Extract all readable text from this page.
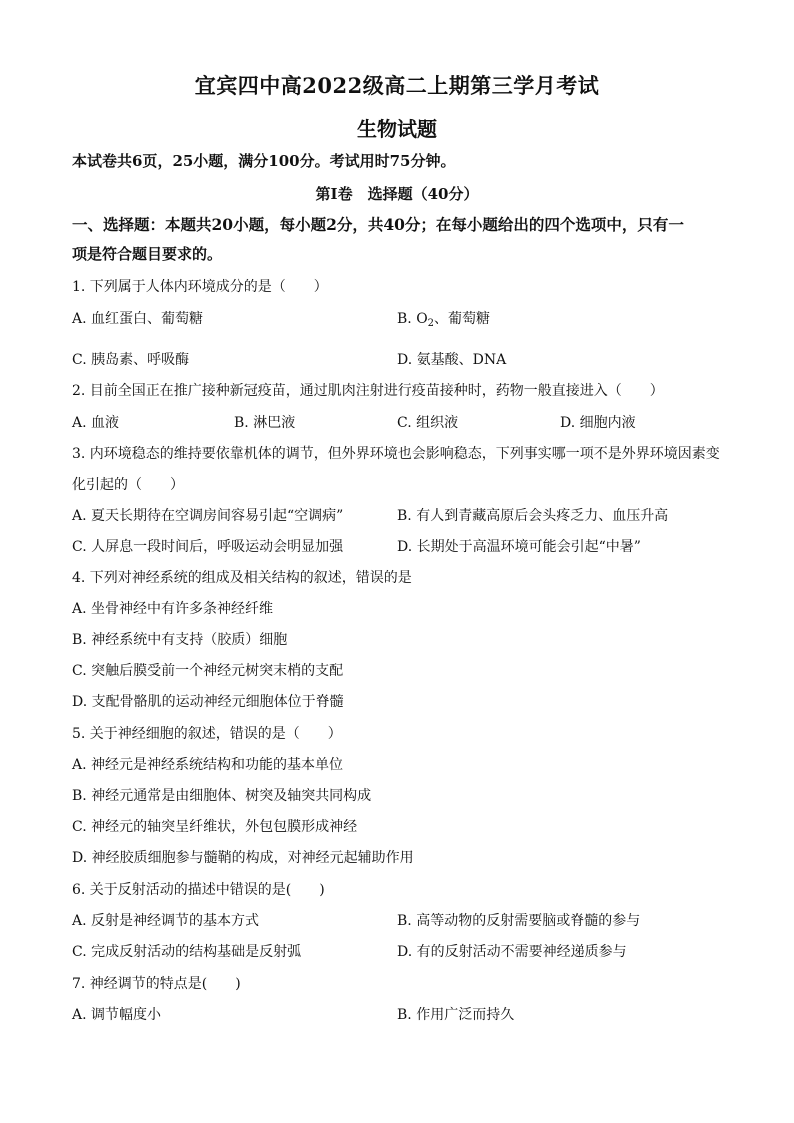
宜宾四中高2022级高二上期第三学月考试
生物试题
本试卷共6页，25小题，满分100分。考试用时75分钟。
第I卷　选择题（40分）
一、选择题：本题共20小题，每小题2分，共40分；在每小题给出的四个选项中，只有一
项是符合题目要求的。
1. 下列属于人体内环境成分的是（　　）
A. 血红蛋白、葡萄糖	B. $O_2$、葡萄糖
C. 胰岛素、呼吸酶	D. 氨基酸、DNA
2. 目前全国正在推广接种新冠疫苗，通过肌肉注射进行疫苗接种时，药物一般直接进入（　　）
A. 血液	B. 淋巴液	C. 组织液	D. 细胞内液
3. 内环境稳态的维持要依靠机体的调节，但外界环境也会影响稳态，下列事实哪一项不是外界环境因素变
化引起的（　　）
A. 夏天长期待在空调房间容易引起“空调病”	B. 有人到青藏高原后会头疼乏力、血压升高
C. 人屏息一段时间后，呼吸运动会明显加强	D. 长期处于高温环境可能会引起“中暑”
4. 下列对神经系统的组成及相关结构的叙述，错误的是
A. 坐骨神经中有许多条神经纤维
B. 神经系统中有支持（胶质）细胞
C. 突触后膜受前一个神经元树突末梢的支配
D. 支配骨骼肌的运动神经元细胞体位于脊髓
5. 关于神经细胞的叙述，错误的是（　　）
A. 神经元是神经系统结构和功能的基本单位
B. 神经元通常是由细胞体、树突及轴突共同构成
C. 神经元的轴突呈纤维状，外包包膜形成神经
D. 神经胶质细胞参与髓鞘的构成，对神经元起辅助作用
6. 关于反射活动的描述中错误的是(　　)
A. 反射是神经调节的基本方式	B. 高等动物的反射需要脑或脊髓的参与
C. 完成反射活动的结构基础是反射弧	D. 有的反射活动不需要神经递质参与
7. 神经调节的特点是(　　)
A. 调节幅度小	B. 作用广泛而持久
